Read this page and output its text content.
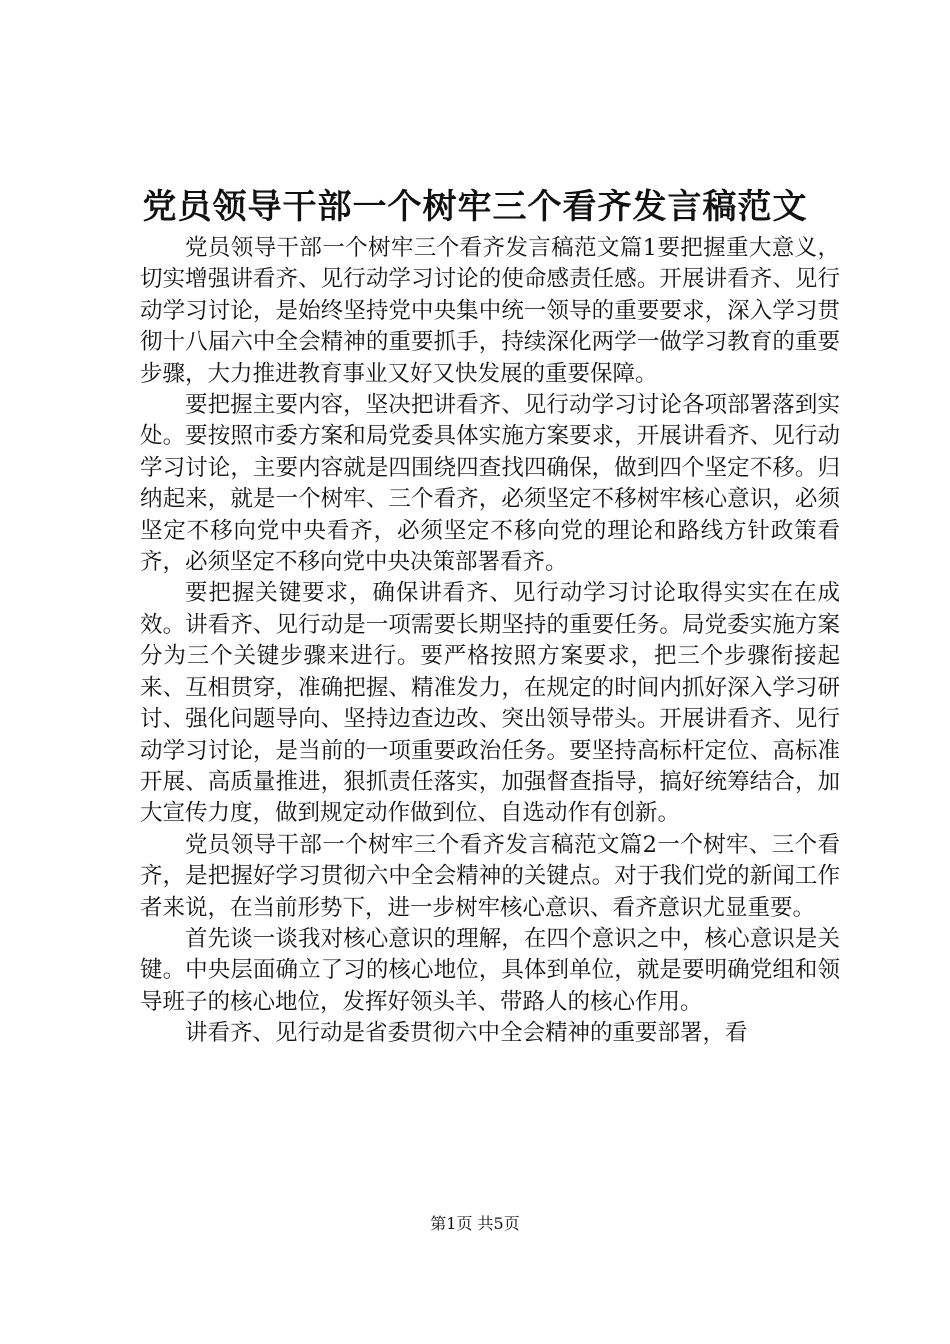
党员领导干部一个树牢三个看齐发言稿范文

党员领导干部一个树牢三个看齐发言稿范文篇1要把握重大意义，切实增强讲看齐、见行动学习讨论的使命感责任感。开展讲看齐、见行动学习讨论，是始终坚持党中央集中统一领导的重要要求，深入学习贯彻十八届六中全会精神的重要抓手，持续深化两学一做学习教育的重要步骤，大力推进教育事业又好又快发展的重要保障。

要把握主要内容，坚决把讲看齐、见行动学习讨论各项部署落到实处。要按照市委方案和局党委具体实施方案要求，开展讲看齐、见行动学习讨论，主要内容就是四围绕四查找四确保，做到四个坚定不移。归纳起来，就是一个树牢、三个看齐，必须坚定不移树牢核心意识，必须坚定不移向党中央看齐，必须坚定不移向党的理论和路线方针政策看齐，必须坚定不移向党中央决策部署看齐。

要把握关键要求，确保讲看齐、见行动学习讨论取得实实在在成效。讲看齐、见行动是一项需要长期坚持的重要任务。局党委实施方案分为三个关键步骤来进行。要严格按照方案要求，把三个步骤衔接起来、互相贯穿，准确把握、精准发力，在规定的时间内抓好深入学习研讨、强化问题导向、坚持边查边改、突出领导带头。开展讲看齐、见行动学习讨论，是当前的一项重要政治任务。要坚持高标杆定位、高标准开展、高质量推进，狠抓责任落实，加强督查指导，搞好统筹结合，加大宣传力度，做到规定动作做到位、自选动作有创新。

党员领导干部一个树牢三个看齐发言稿范文篇2一个树牢、三个看齐，是把握好学习贯彻六中全会精神的关键点。对于我们党的新闻工作者来说，在当前形势下，进一步树牢核心意识、看齐意识尤显重要。

首先谈一谈我对核心意识的理解，在四个意识之中，核心意识是关键。中央层面确立了习的核心地位，具体到单位，就是要明确党组和领导班子的核心地位，发挥好领头羊、带路人的核心作用。

讲看齐、见行动是省委贯彻六中全会精神的重要部署，看

第1页 共5页
